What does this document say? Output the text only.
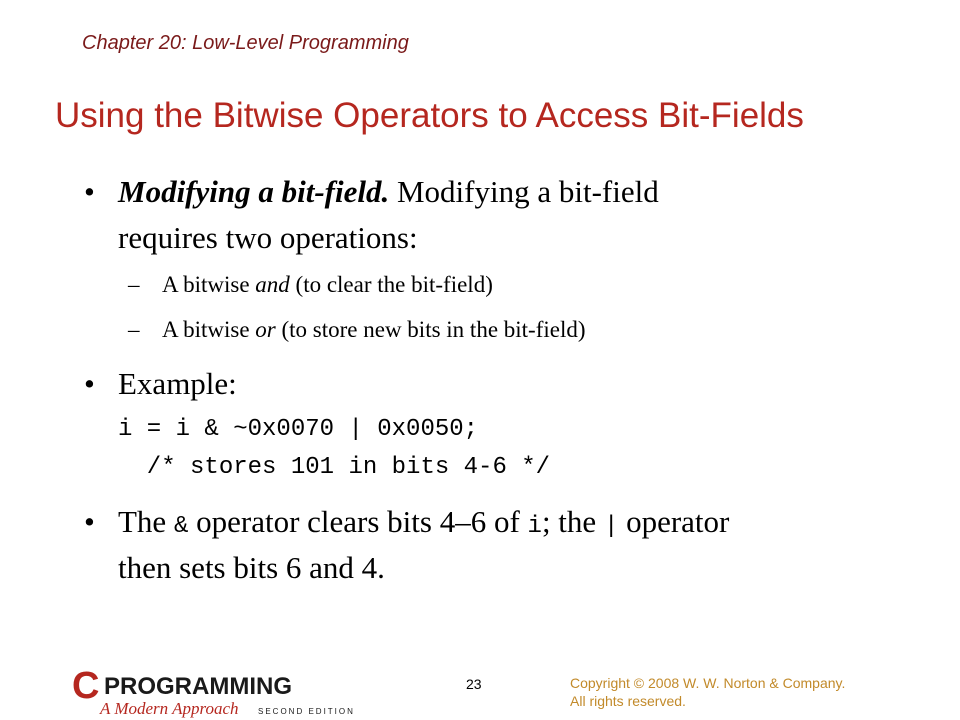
Chapter 20: Low-Level Programming
Using the Bitwise Operators to Access Bit-Fields
• Modifying a bit-field. Modifying a bit-field
requires two operations:
– A bitwise and (to clear the bit-field)
– A bitwise or (to store new bits in the bit-field)
• Example:
i = i & ~0x0070 | 0x0050;
/* stores 101 in bits 4-6 */
• The & operator clears bits 4–6 of i; the | operator
then sets bits 6 and 4.
C PROGRAMMING
A Modern Approach SECOND EDITION
23	Copyright © 2008 W. W. Norton & Company.
All rights reserved.
